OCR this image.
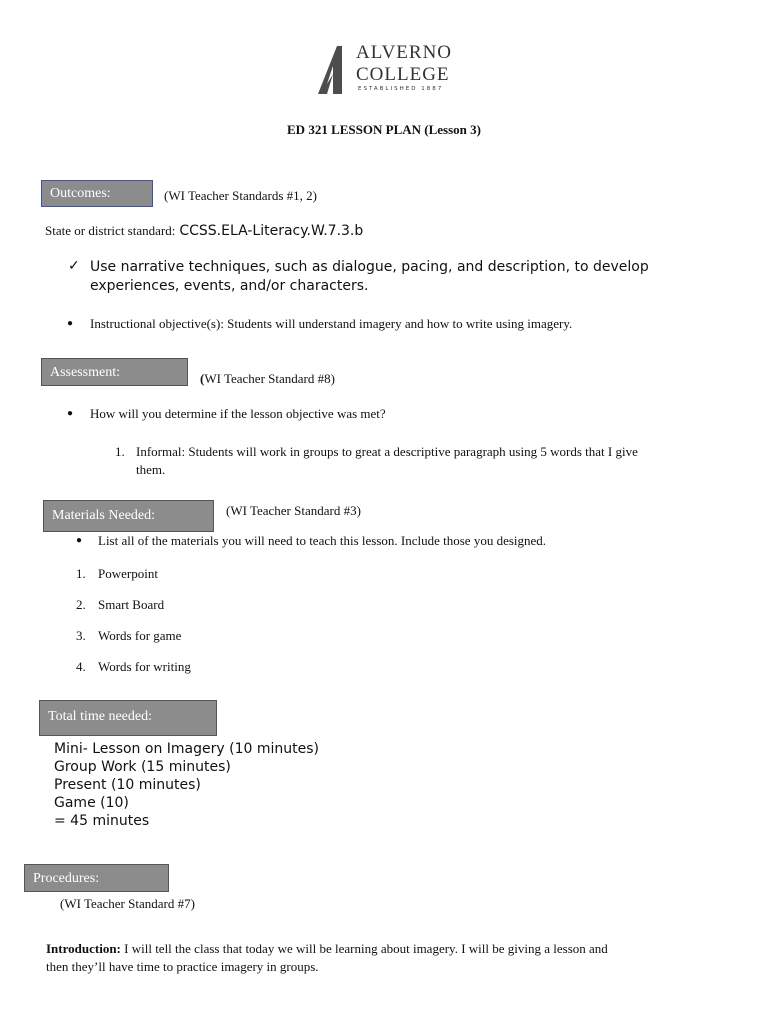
ALVERNO
COLLEGE
ESTABLISHED 1887
ED 321 LESSON PLAN (Lesson 3)
Outcomes:	(WI Teacher Standards #1, 2)
State or district standard: CCSS.ELA-Literacy.W.7.3.b
✓ Use narrative techniques, such as dialogue, pacing, and description, to develop
experiences, events, and/or characters.
● Instructional objective(s): Students will understand imagery and how to write using imagery.
Assessment:	(WI Teacher Standard #8)
● How will you determine if the lesson objective was met?
1. Informal: Students will work in groups to great a descriptive paragraph using 5 words that I give
them.
Materials Needed:	(WI Teacher Standard #3)
● List all of the materials you will need to teach this lesson. Include those you designed.
1. Powerpoint
2. Smart Board
3. Words for game
4. Words for writing
Total time needed:
Mini- Lesson on Imagery (10 minutes)
Group Work (15 minutes)
Present (10 minutes)
Game (10)
= 45 minutes
Procedures:
(WI Teacher Standard #7)
Introduction: I will tell the class that today we will be learning about imagery. I will be giving a lesson and
then they’ll have time to practice imagery in groups.
